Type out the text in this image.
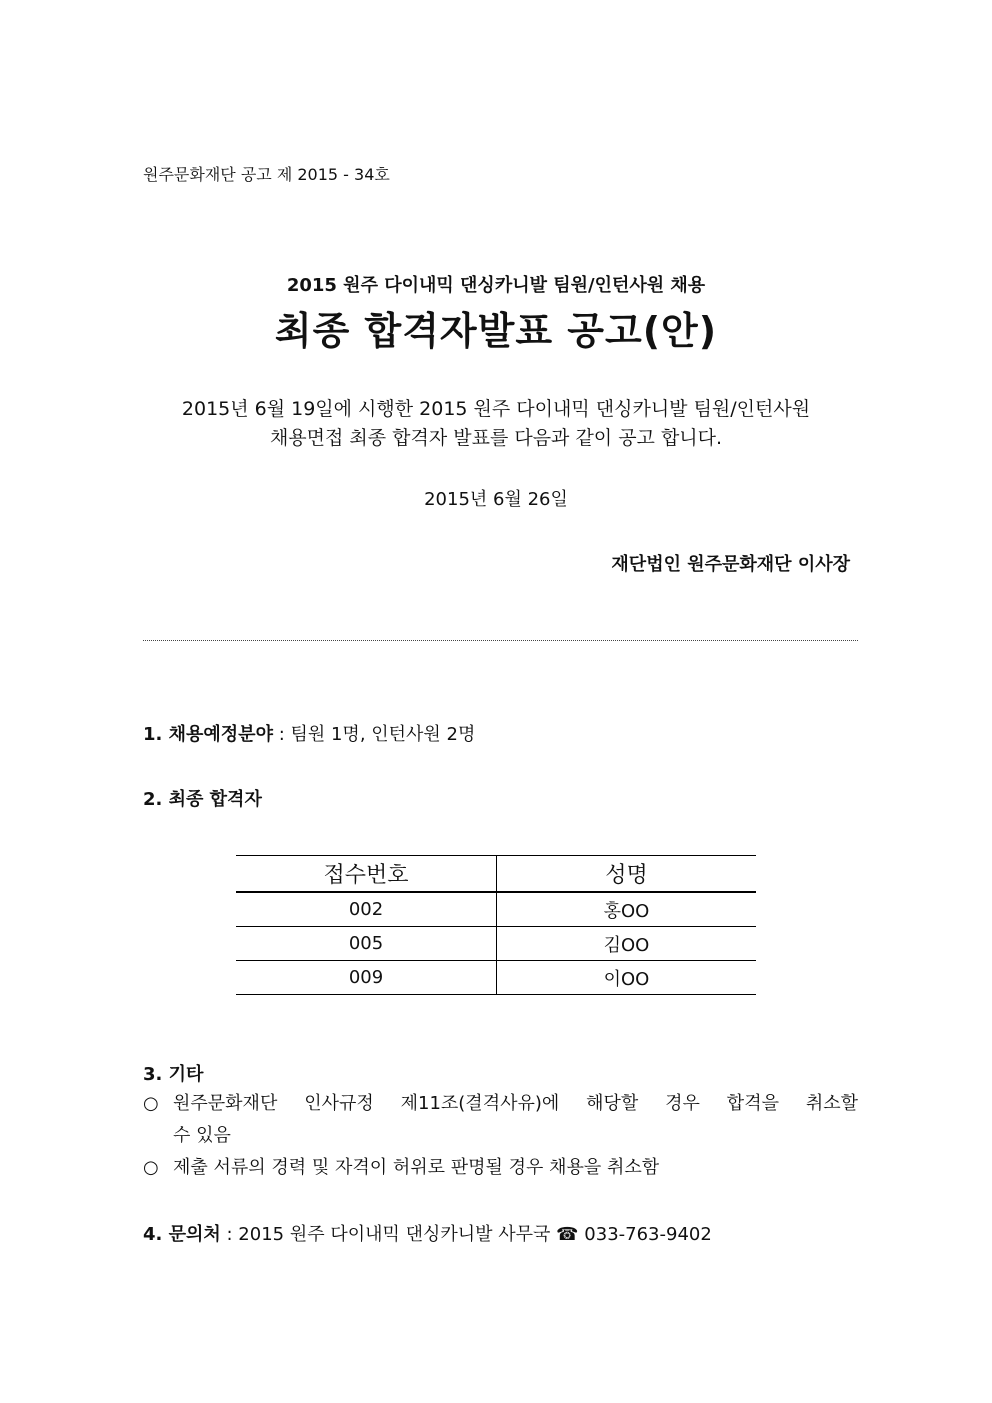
원주문화재단 공고 제 2015 - 34호
2015 원주 다이내믹 댄싱카니발 팀원/인턴사원 채용
최종 합격자발표 공고(안)
2015년 6월 19일에 시행한 2015 원주 다이내믹 댄싱카니발 팀원/인턴사원
채용면접 최종 합격자 발표를 다음과 같이 공고 합니다.
2015년 6월 26일
재단법인 원주문화재단 이사장
1. 채용예정분야 : 팀원 1명, 인턴사원 2명
2. 최종 합격자
접수번호	성명
002	홍OO
005	김OO
009	이OO
3. 기타
○ 원주문화재단 인사규정 제11조(결격사유)에 해당할 경우 합격을 취소할
수 있음
○ 제출 서류의 경력 및 자격이 허위로 판명될 경우 채용을 취소함
4. 문의처 : 2015 원주 다이내믹 댄싱카니발 사무국 ☎ 033-763-9402
